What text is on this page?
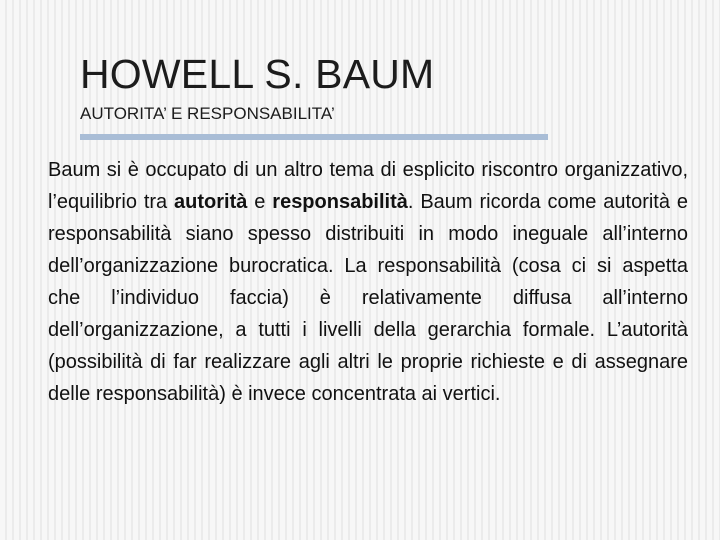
HOWELL S. BAUM
AUTORITA’ E RESPONSABILITA’

Baum si è occupato di un altro tema di esplicito riscontro organizzativo, l’equilibrio tra autorità e responsabilità. Baum ricorda come autorità e responsabilità siano spesso distribuiti in modo ineguale all’interno dell’organizzazione burocratica. La responsabilità (cosa ci si aspetta che l’individuo faccia) è relativamente diffusa all’interno dell’organizzazione, a tutti i livelli della gerarchia formale. L’autorità (possibilità di far realizzare agli altri le proprie richieste e di assegnare delle responsabilità) è invece concentrata ai vertici.
